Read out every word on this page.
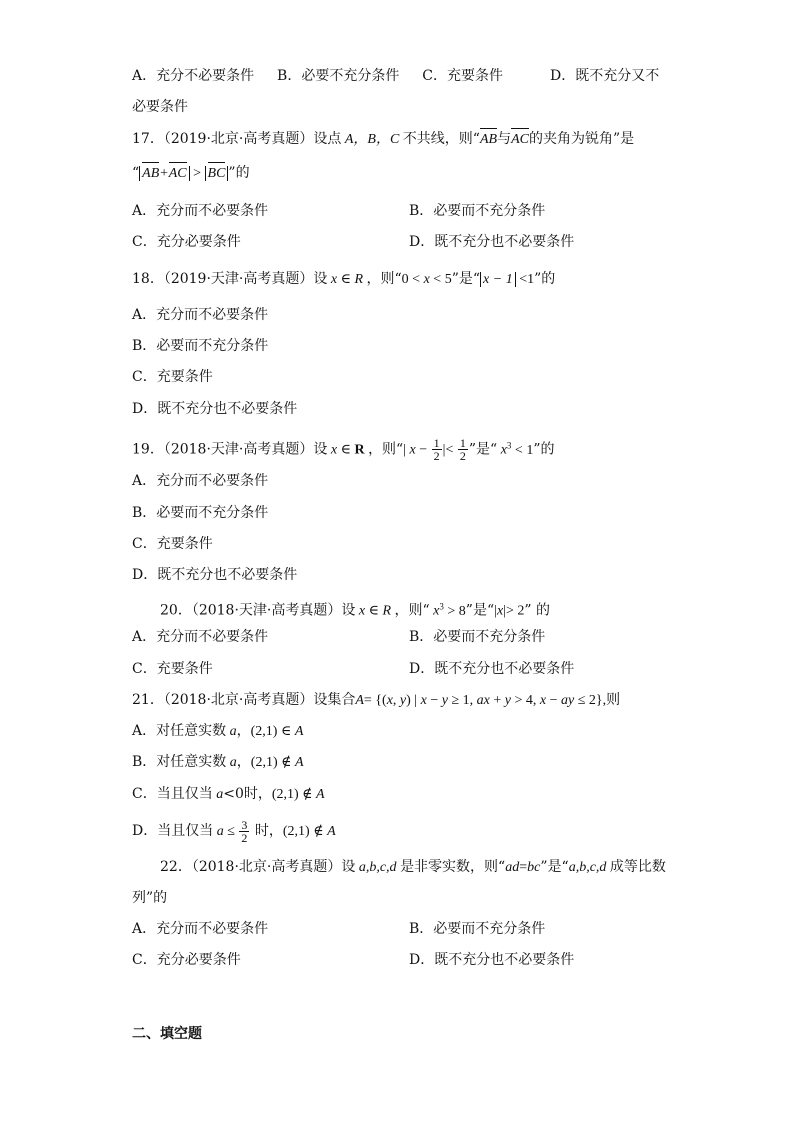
A．充分不必要条件 B．必要不充分条件 C．充要条件	D．既不充分又不
必要条件
17．（2019·北京·高考真题）设点 A，B，C 不共线，则“AB与AC的夹角为锐角”是
“ AB+AC > BC ”的
A．充分而不必要条件	B．必要而不充分条件
C．充分必要条件	D．既不充分也不必要条件
18．（2019·天津·高考真题）设 x ∈ R ，则“0 < x < 5”是“ x − 1 <1”的
A．充分而不必要条件
B．必要而不充分条件
C．充要条件
D．既不充分也不必要条件
19．（2018·天津·高考真题）设 x ∈ R ，则“| $x - \frac{1}{2}$ |< $\frac{1}{2}$ ”是“ $x^3 < 1$”的
A．充分而不必要条件
B．必要而不充分条件
C．充要条件
D．既不充分也不必要条件
20．（2018·天津·高考真题）设 x ∈ R ，则“ $x^3 > 8$”是“|x|> 2” 的
A．充分而不必要条件	B．必要而不充分条件
C．充要条件	D．既不充分也不必要条件
21．（2018·北京·高考真题）设集合A= {(x, y) | x − y ≥ 1, ax + y > 4, x − ay ≤ 2},则
A．对任意实数 a，(2,1) ∈ A
B．对任意实数 a，(2,1) ∉ A
C．当且仅当 a<0时，(2,1) ∉ A
D．当且仅当 $a \le \frac{3}{2}$ 时，(2,1) ∉ A
22．（2018·北京·高考真题）设 a,b,c,d 是非零实数，则“ad=bc”是“a,b,c,d 成等比数
列”的
A．充分而不必要条件	B．必要而不充分条件
C．充分必要条件	D．既不充分也不必要条件
二、填空题
